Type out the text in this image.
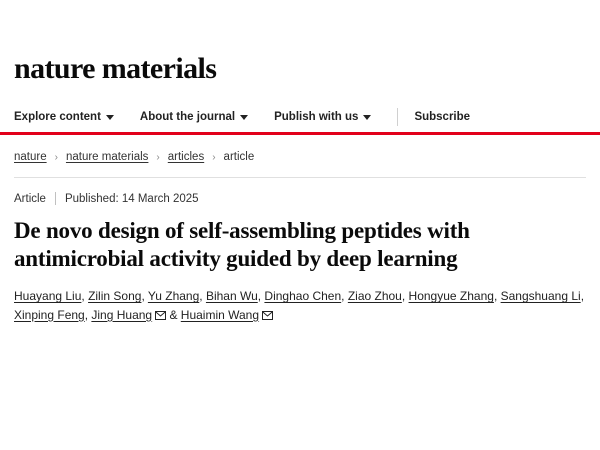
nature materials
Explore content	About the journal	Publish with us	Subscribe
nature › nature materials › articles › article
Article Published: 14 March 2025
De novo design of self-assembling peptides with antimicrobial activity guided by deep learning
Huayang Liu, Zilin Song, Yu Zhang, Bihan Wu, Dinghao Chen, Ziao Zhou, Hongyue Zhang, Sangshuang Li, Xinping Feng, Jing Huang
& Huaimin Wang
